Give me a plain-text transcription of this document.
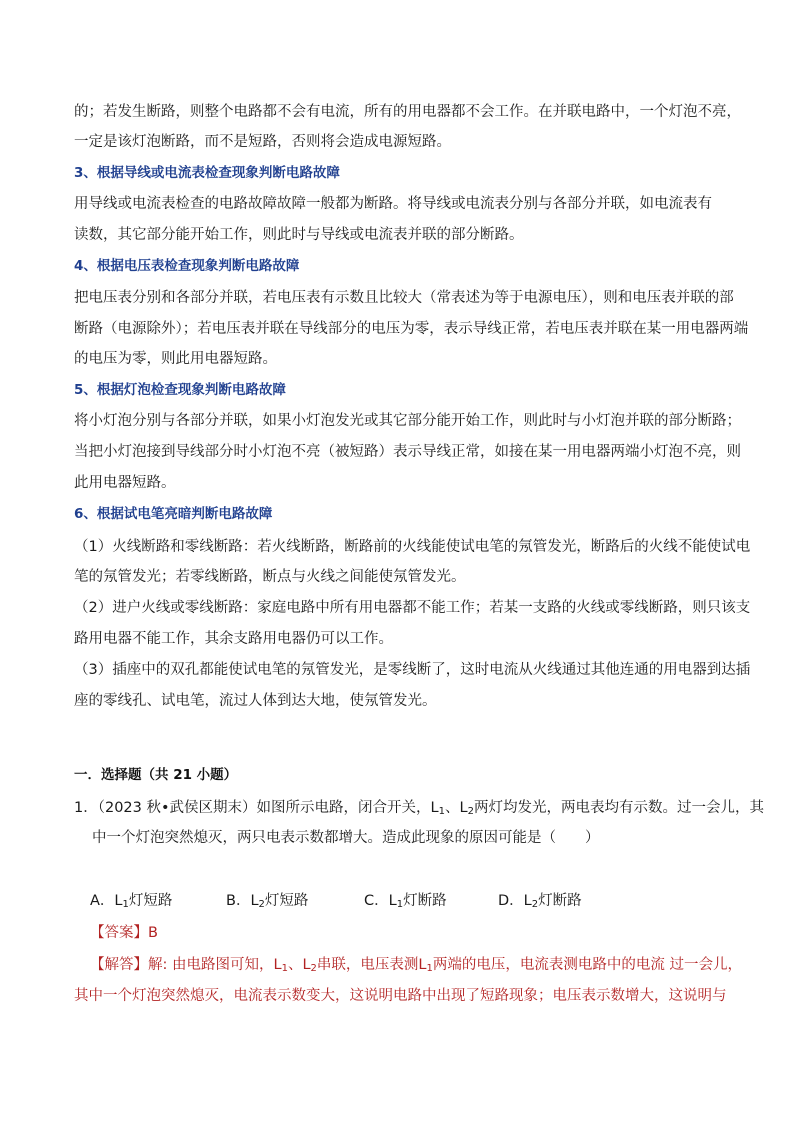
的；若发生断路，则整个电路都不会有电流，所有的用电器都不会工作。在并联电路中，一个灯泡不亮，
一定是该灯泡断路，而不是短路，否则将会造成电源短路。
3、根据导线或电流表检查现象判断电路故障
用导线或电流表检查的电路故障故障一般都为断路。将导线或电流表分别与各部分并联，如电流表有
读数，其它部分能开始工作，则此时与导线或电流表并联的部分断路。
4、根据电压表检查现象判断电路故障
把电压表分别和各部分并联，若电压表有示数且比较大（常表述为等于电源电压），则和电压表并联的部
断路（电源除外）；若电压表并联在导线部分的电压为零，表示导线正常，若电压表并联在某一用电器两端
的电压为零，则此用电器短路。
5、根据灯泡检查现象判断电路故障
将小灯泡分别与各部分并联，如果小灯泡发光或其它部分能开始工作，则此时与小灯泡并联的部分断路；
当把小灯泡接到导线部分时小灯泡不亮（被短路）表示导线正常，如接在某一用电器两端小灯泡不亮，则
此用电器短路。
6、根据试电笔亮暗判断电路故障
（1）火线断路和零线断路：若火线断路，断路前的火线能使试电笔的氖管发光，断路后的火线不能使试电
笔的氖管发光；若零线断路，断点与火线之间能使氖管发光。
（2）进户火线或零线断路：家庭电路中所有用电器都不能工作；若某一支路的火线或零线断路，则只该支
路用电器不能工作，其余支路用电器仍可以工作。
（3）插座中的双孔都能使试电笔的氖管发光，是零线断了，这时电流从火线通过其他连通的用电器到达插
座的零线孔、试电笔，流过人体到达大地，使氖管发光。
一．选择题（共 21 小题）
1．（2023 秋•武侯区期末）如图所示电路，闭合开关，$L_1$、$L_2$两灯均发光，两电表均有示数。过一会儿，其
中一个灯泡突然熄灭，两只电表示数都增大。造成此现象的原因可能是（　　）
A．$L_1$灯短路	B．$L_2$灯短路	C．$L_1$灯断路	D．$L_2$灯断路
【答案】B
【解答】解: 由电路图可知，$L_1$、$L_2$串联，电压表测$L_1$两端的电压，电流表测电路中的电流 过一会儿，
其中一个灯泡突然熄灭，电流表示数变大，这说明电路中出现了短路现象；电压表示数增大，这说明与
